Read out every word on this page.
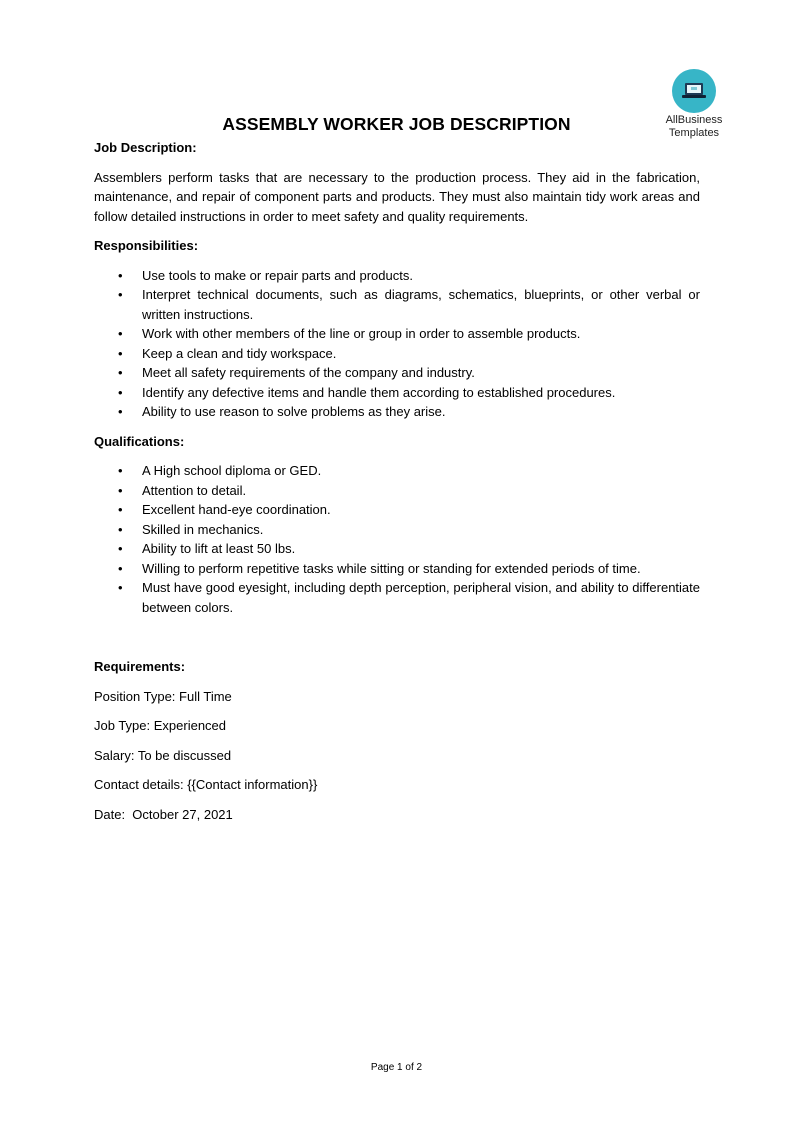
AllBusiness
Templates
ASSEMBLY WORKER JOB DESCRIPTION

Job Description:

Assemblers perform tasks that are necessary to the production process. They aid in the fabrication, maintenance, and repair of component parts and products. They must also maintain tidy work areas and follow detailed instructions in order to meet safety and quality requirements.

Responsibilities:

• Use tools to make or repair parts and products.
• Interpret technical documents, such as diagrams, schematics, blueprints, or other verbal or written instructions.
• Work with other members of the line or group in order to assemble products.
• Keep a clean and tidy workspace.
• Meet all safety requirements of the company and industry.
• Identify any defective items and handle them according to established procedures.
• Ability to use reason to solve problems as they arise.

Qualifications:

• A High school diploma or GED.
• Attention to detail.
• Excellent hand-eye coordination.
• Skilled in mechanics.
• Ability to lift at least 50 lbs.
• Willing to perform repetitive tasks while sitting or standing for extended periods of time.
• Must have good eyesight, including depth perception, peripheral vision, and ability to differentiate between colors.

Requirements:

Position Type: Full Time

Job Type: Experienced

Salary: To be discussed

Contact details: {{Contact information}}

Date:  October 27, 2021

Page 1 of 2
